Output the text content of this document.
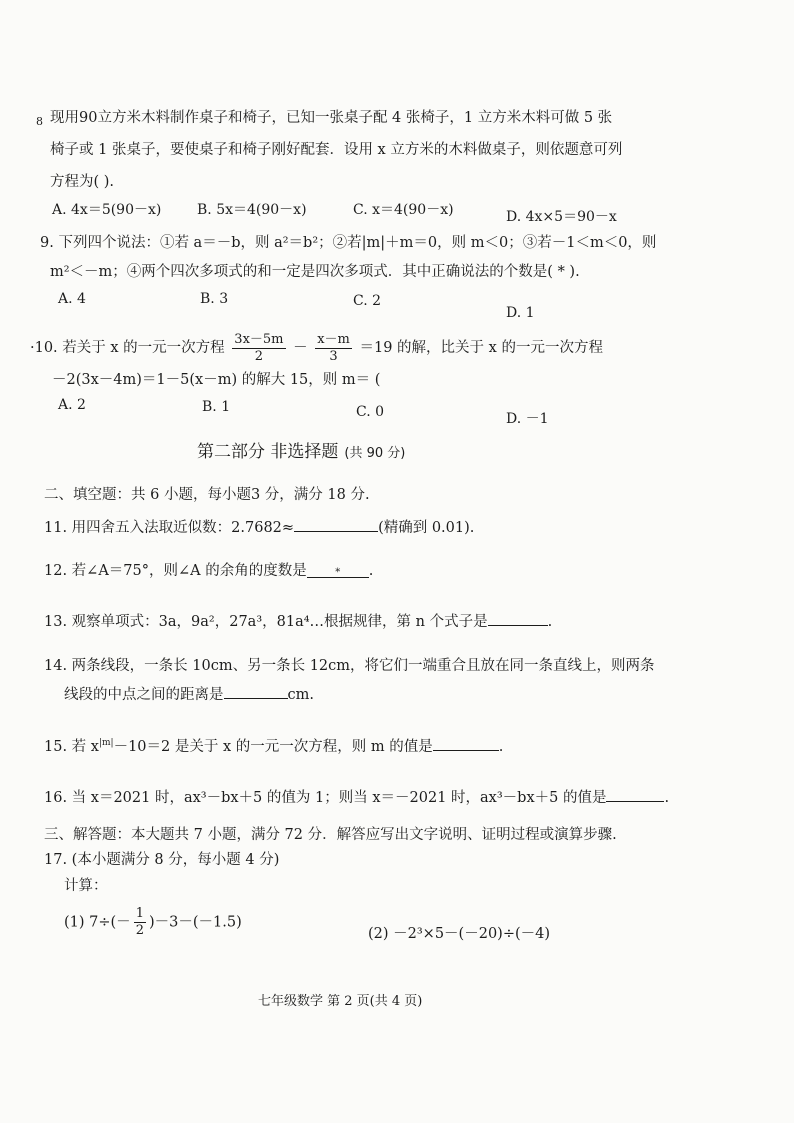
8 现用90立方米木料制作桌子和椅子，已知一张桌子配 4 张椅子，1 立方米木料可做 5 张
椅子或 1 张桌子，要使桌子和椅子刚好配套．设用 x 立方米的木料做桌子，则依题意可列
方程为( ).
A. 4x＝5(90－x)	B. 5x＝4(90－x)	C. x＝4(90－x)	D. 4x×5＝90－x
9. 下列四个说法：①若 a＝－b，则 a²＝b²；②若|m|＋m＝0，则 m＜0；③若－1＜m＜0，则
m²＜－m；④两个四次多项式的和一定是四次多项式．其中正确说法的个数是( * ).
A. 4	B. 3	C. 2
D. 1
·10. 若关于 x 的一元一次方程 $\frac{3x-5m}{2} - \frac{x-m}{3} =19$ 的解，比关于 x 的一元一次方程
－2(3x－4m)＝1－5(x－m) 的解大 15，则 m＝ (
A. 2	B. 1	C. 0	D. －1
第二部分 非选择题 (共 90 分)
二、填空题：共 6 小题，每小题3 分，满分 18 分.
11. 用四舍五入法取近似数：2.7682≈	(精确到 0.01).
12. 若∠A＝75°，则∠A 的余角的度数是	* .
13. 观察单项式：3a，9a²，27a³，81a⁴…根据规律，第 n 个式子是	.
14. 两条线段，一条长 10cm、另一条长 12cm，将它们一端重合且放在同一条直线上，则两条
线段的中点之间的距离是	cm.
15. 若 $x^{|m|}-10=2$ 是关于 x 的一元一次方程，则 m 的值是	.
16. 当 x＝2021 时，ax³－bx＋5 的值为 1；则当 x＝－2021 时，ax³－bx＋5 的值是	.
三、解答题：本大题共 7 小题，满分 72 分．解答应写出文字说明、证明过程或演算步骤.
17. (本小题满分 8 分，每小题 4 分)
计算：
(1) $7\div(- \frac{1}{2} )-3-(-1.5)$
(2) －2³×5－(－20)÷(－4)
七年级数学 第 2 页(共 4 页)
